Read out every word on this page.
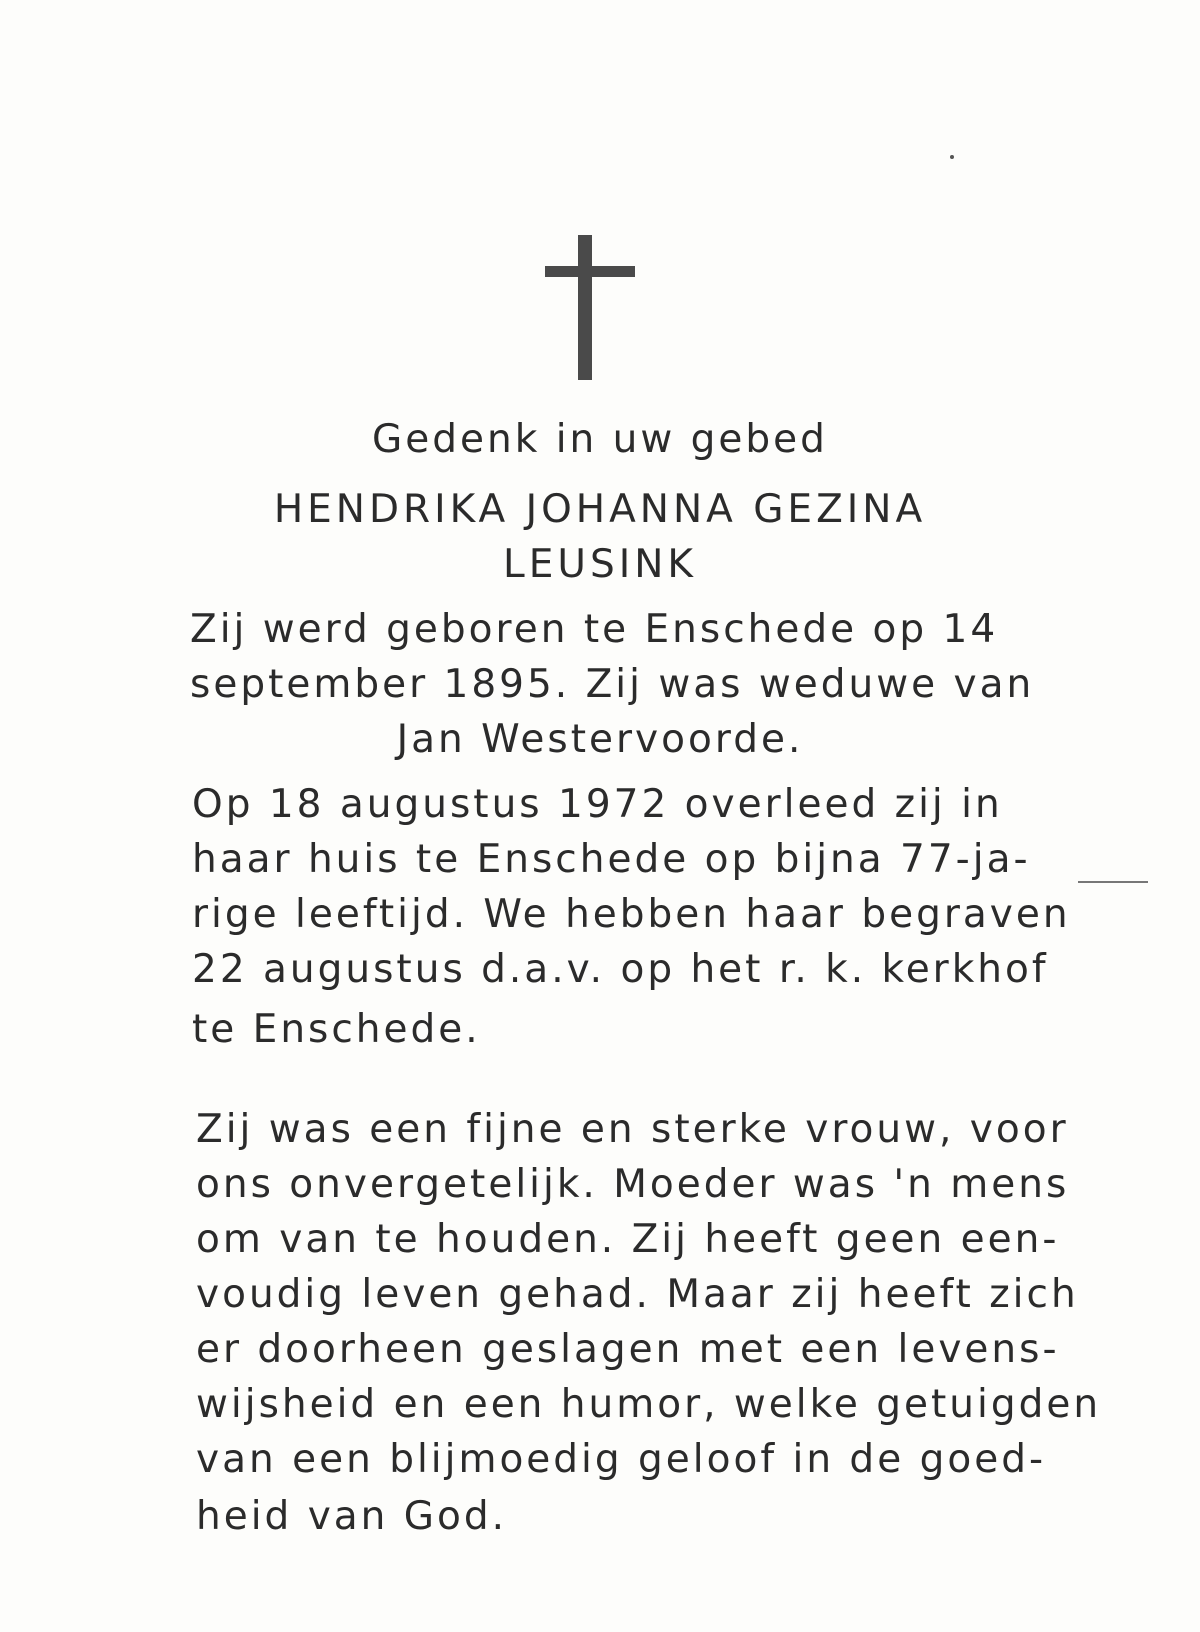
Gedenk in uw gebed
HENDRIKA JOHANNA GEZINA
LEUSINK
Zij werd geboren te Enschede op 14
september 1895. Zij was weduwe van
Jan Westervoorde.
Op 18 augustus 1972 overleed zij in
haar huis te Enschede op bijna 77-ja-
rige leeftijd. We hebben haar begraven
22 augustus d.a.v. op het r. k. kerkhof
te Enschede.
Zij was een fijne en sterke vrouw, voor
ons onvergetelijk. Moeder was 'n mens
om van te houden. Zij heeft geen een-
voudig leven gehad. Maar zij heeft zich
er doorheen geslagen met een levens-
wijsheid en een humor, welke getuigden
van een blijmoedig geloof in de goed-
heid van God.
